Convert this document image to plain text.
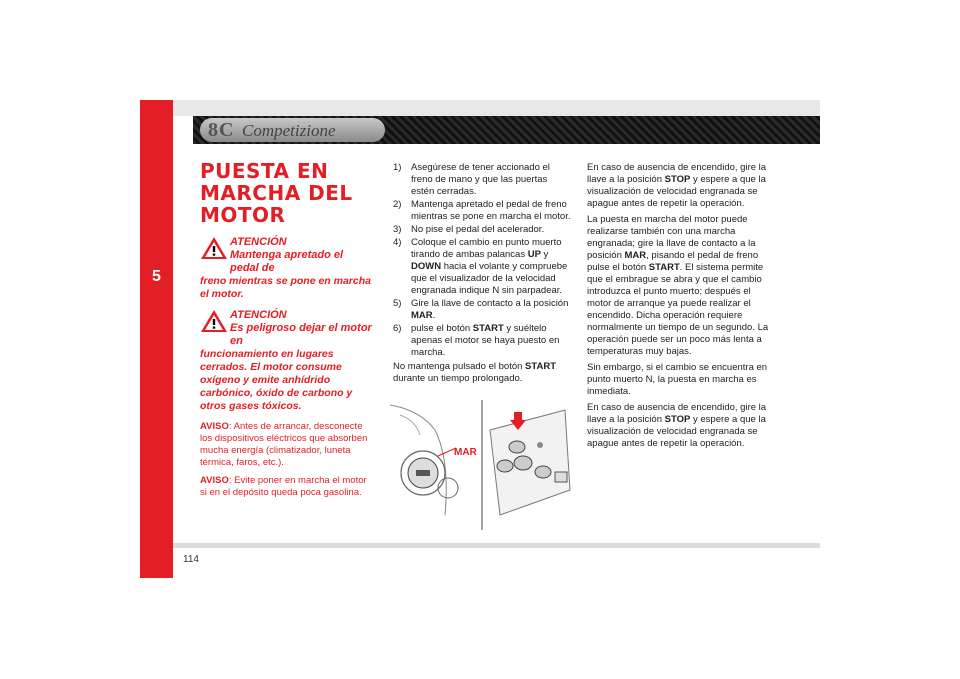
5
8C Competizione
PUESTA EN MARCHA DEL MOTOR
ATENCIÓN
Mantenga apretado el pedal de
freno mientras se pone en marcha el motor.
ATENCIÓN
Es peligroso dejar el motor en
funcionamiento en lugares cerrados. El motor consume oxígeno y emite anhídrido carbónico, óxido de carbono y otros gases tóxicos.
AVISO: Antes de arrancar, desconecte los dispositivos eléctricos que absorben mucha energía (climatizador, luneta térmica, faros, etc.).
AVISO: Evite poner en marcha el motor si en el depósito queda poca gasolina.
1)	Asegúrese de tener accionado el freno de mano y que las puertas estén cerradas.
2)	Mantenga apretado el pedal de freno mientras se pone en marcha el motor.
3)	No pise el pedal del acelerador.
4)	Coloque el cambio en punto muerto tirando de ambas palancas UP y DOWN hacia el volante y compruebe que el visualizador de la velocidad engranada indique N sin parpadear.
5)	Gire la llave de contacto a la posición MAR.
6)	pulse el botón START y suéltelo apenas el motor se haya puesto en marcha.

No mantenga pulsado el botón START durante un tiempo prolongado.

MAR

En caso de ausencia de encendido, gire la llave a la posición STOP y espere a que la visualización de velocidad engranada se apague antes de repetir la operación.

La puesta en marcha del motor puede realizarse también con una marcha engranada; gire la llave de contacto a la posición MAR, pisando el pedal de freno pulse el botón START. El sistema permite que el embrague se abra y que el cambio introduzca el punto muerto; después el motor de arranque ya puede realizar el encendido. Dicha operación requiere normalmente un tiempo de un segundo. La operación puede ser un poco más lenta a temperaturas muy bajas.

Sin embargo, si el cambio se encuentra en punto muerto N, la puesta en marcha es inmediata.

En caso de ausencia de encendido, gire la llave a la posición STOP y espere a que la visualización de velocidad engranada se apague antes de repetir la operación.

114
